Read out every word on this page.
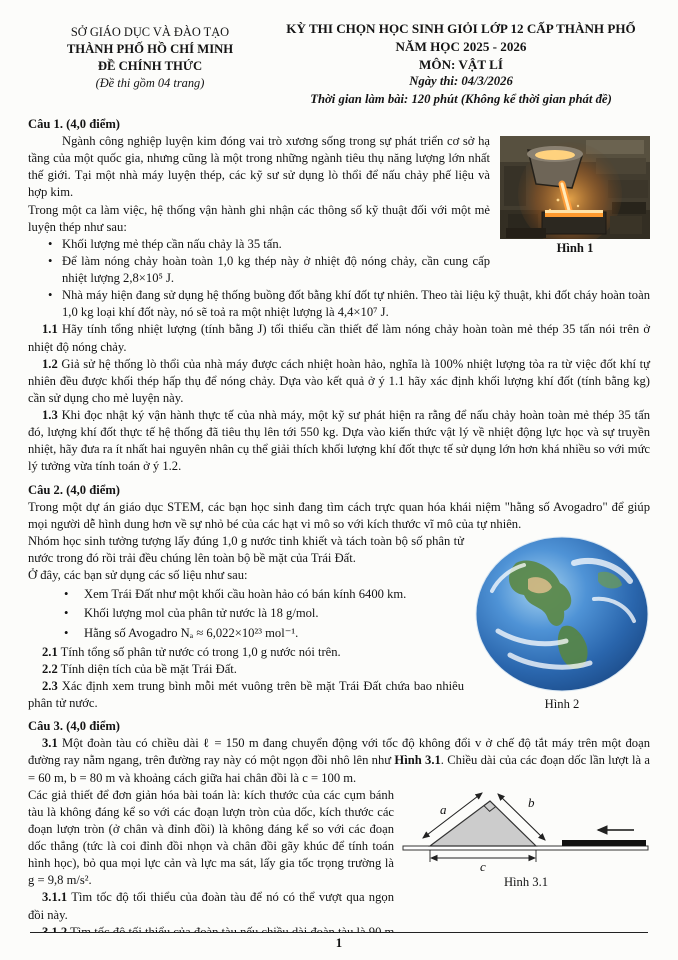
SỞ GIÁO DỤC VÀ ĐÀO TẠO
THÀNH PHỐ HỒ CHÍ MINH
ĐỀ CHÍNH THỨC
(Đề thi gồm 04 trang)
KỲ THI CHỌN HỌC SINH GIỎI LỚP 12 CẤP THÀNH PHỐ
NĂM HỌC 2025 - 2026
MÔN: VẬT LÍ
Ngày thi: 04/3/2026
Thời gian làm bài: 120 phút (Không kể thời gian phát đề)
Câu 1. (4,0 điểm)
Hình 1

Ngành công nghiệp luyện kim đóng vai trò xương sống trong sự phát triển cơ sở hạ tầng của một quốc gia, nhưng cũng là một trong những ngành tiêu thụ năng lượng lớn nhất thế giới. Tại một nhà máy luyện thép, các kỹ sư sử dụng lò thổi để nấu chảy phế liệu và hợp kim.

Trong một ca làm việc, hệ thống vận hành ghi nhận các thông số kỹ thuật đối với một mẻ luyện thép như sau:

• Khối lượng mẻ thép cần nấu chảy là 35 tấn.
• Để làm nóng chảy hoàn toàn 1,0 kg thép này ở nhiệt độ nóng chảy, cần cung cấp nhiệt lượng 2,8×10⁵ J.
• Nhà máy hiện đang sử dụng hệ thống buồng đốt bằng khí đốt tự nhiên. Theo tài liệu kỹ thuật, khi đốt cháy hoàn toàn 1,0 kg loại khí đốt này, nó sẽ toả ra một nhiệt lượng là 4,4×10⁷ J.

1.1 Hãy tính tổng nhiệt lượng (tính bằng J) tối thiểu cần thiết để làm nóng chảy hoàn toàn mẻ thép 35 tấn nói trên ở nhiệt độ nóng chảy.

1.2 Giả sử hệ thống lò thổi của nhà máy được cách nhiệt hoàn hảo, nghĩa là 100% nhiệt lượng tỏa ra từ việc đốt khí tự nhiên đều được khối thép hấp thụ để nóng chảy. Dựa vào kết quả ở ý 1.1 hãy xác định khối lượng khí đốt (tính bằng kg) cần sử dụng cho mẻ luyện này.

1.3 Khi đọc nhật ký vận hành thực tế của nhà máy, một kỹ sư phát hiện ra rằng để nấu chảy hoàn toàn mẻ thép 35 tấn đó, lượng khí đốt thực tế hệ thống đã tiêu thụ lên tới 550 kg. Dựa vào kiến thức vật lý về nhiệt động lực học và sự truyền nhiệt, hãy đưa ra ít nhất hai nguyên nhân cụ thể giải thích khối lượng khí đốt thực tế sử dụng lớn hơn khá nhiều so với mức lý tưởng vừa tính toán ở ý 1.2.

Câu 2. (4,0 điểm)

Trong một dự án giáo dục STEM, các bạn học sinh đang tìm cách trực quan hóa khái niệm "hằng số Avogadro" để giúp mọi người dễ hình dung hơn về sự nhỏ bé của các hạt vi mô so với kích thước vĩ mô của tự nhiên.

Hình 2

Nhóm học sinh tưởng tượng lấy đúng 1,0 g nước tinh khiết và tách toàn bộ số phân tử nước trong đó rồi trải đều chúng lên toàn bộ bề mặt của Trái Đất.

Ở đây, các bạn sử dụng các số liệu như sau:

• Xem Trái Đất như một khối cầu hoàn hảo có bán kính 6400 km.
• Khối lượng mol của phân tử nước là 18 g/mol.
• Hằng số Avogadro Nₐ ≈ 6,022×10²³ mol⁻¹.

2.1 Tính tổng số phân tử nước có trong 1,0 g nước nói trên.

2.2 Tính diện tích của bề mặt Trái Đất.

2.3 Xác định xem trung bình mỗi mét vuông trên bề mặt Trái Đất chứa bao nhiêu phân tử nước.

Câu 3. (4,0 điểm)

3.1 Một đoàn tàu có chiều dài ℓ = 150 m đang chuyển động với tốc độ không đổi v ở chế độ tắt máy trên một đoạn đường ray nằm ngang, trên đường ray này có một ngọn đồi nhô lên như Hình 3.1. Chiều dài của các đoạn dốc lần lượt là a = 60 m, b = 80 m và khoảng cách giữa hai chân đồi là c = 100 m.

a	b
c
Hình 3.1

Các giả thiết để đơn giản hóa bài toán là: kích thước của các cụm bánh tàu là không đáng kể so với các đoạn lượn tròn của dốc, kích thước các đoạn lượn tròn (ở chân và đỉnh đồi) là không đáng kể so với các đoạn dốc thẳng (tức là coi đỉnh đồi nhọn và chân đồi gãy khúc để tính toán hình học), bỏ qua mọi lực cản và lực ma sát, lấy gia tốc trọng trường là g = 9,8 m/s².

3.1.1 Tìm tốc độ tối thiểu của đoàn tàu để nó có thể vượt qua ngọn đồi này.

1
